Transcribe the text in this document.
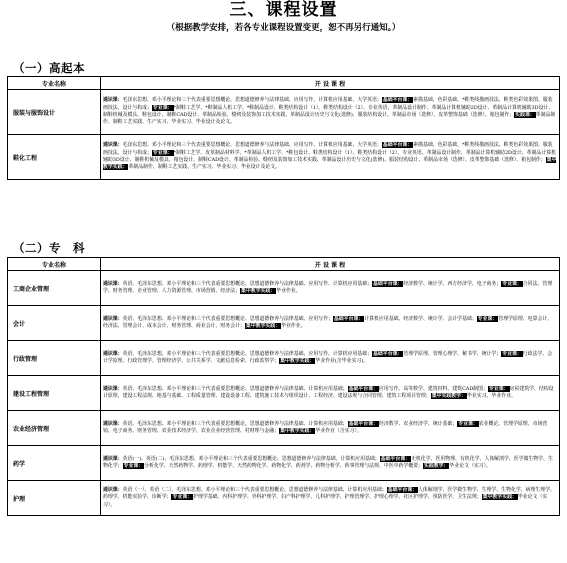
三、课程设置
（根据教学安排，若各专业课程设置变更，恕不再另行通知。）
（一）高起本
专业名称	开 设 课 程
服装与服饰设计	通识课：毛泽东思想、邓小平理论和三个代表重要思想概论、思想道德修养与法律基础、应用写作、计算机应用基础、大学英语；基础平台课：素描基础、色彩基础、*鞋类线描画技法、鞋类色彩效果图、服装画技法、设计与构成；专业课：*制鞋工艺学、*鞋制品人机工学、*鞋制品设计、鞋类结构设计（1）、鞋类结构设计（2）、专业英语、革制品设计制作、革制品计算机辅助2D设计、革制品计算机辅助3D设计、制鞋机械及模具、鞋包设计、制鞋CAD设计、革制品检验、缝纫及装饰加工技术实践、革制品设计历史与文化(选修)、服装结构设计、革制品市场（选修）、皮革整饰基础（选修）、箱包制作；实践课：革制品制作、制鞋工艺实践、生产实习、毕业实习、毕业设计及论文。
鞋化工程	通识课：毛泽东思想、邓小平理论和三个代表重要思想概论、思想道德修养与法律基础、应用写作、计算机应用基础、大学英语；基础平台课：素描基础、色彩基础、*鞋类线描画技法、鞋类色彩效果图、服装画技法、设计与构成；专业课：*制鞋工艺学、皮革制品材料学、*革制品人机工学、*鞋包设计、鞋类结构设计（1）、鞋类结构设计（2）、专业英语、革制品设计制作、革制品计算机辅助2D设计、革制品计算机辅助3D设计、制鞋机械及模具、箱包设计、制鞋CAD设计、革制品检验、缝纫及装饰加工技术实践、革制品设计历史与文化(选修)、服装结构设计、革制品市场（选修）、皮革整饰基础（选修）、箱包制作；集中教学实践：革制品制作、制鞋工艺实践、生产实习、毕业实习、毕业设计及论文。
（二）专　科
专业名称	开 设 课 程
工商企业管理	通识课：英语、毛泽东思想、邓小平理论和三个代表重要思想概论、思想道德修养与法律基础、应用写作、计算机应用基础；基础平台课：经济数学、统计学、西方经济学、电子商务；专业课：合同法、管理学、财务管理、企业管理、人力资源管理、市场营销、经济法；集中教学实践：毕业作业。
会计	通识课：英语、毛泽东思想、邓小平理论和三个代表重要思想概论、思想道德修养与法律基础、应用写作；基础平台课：计算机应用基础、经济数学、统计学、会计学基础；专业课：管理学原理、电算会计、经济法、管理会计、成本会计、财务管理、商业会计、财务会计；集中教学实践：毕业作业。
行政管理	通识课：英语、毛泽东思想、邓小平理论和三个代表重要思想概论、思想道德修养与法律基础、应用写作、计算机应用基础；基础平台课：管理学原理、管理心理学、秘书学、统计学；专业课：行政法学、会计学原理、行政管理学、管理经济学、公共关系学、文献信息检索、行政监察学；集中教学实践：毕业作业(含毕业实习)。
建设工程管理	通识课：英语、毛泽东思想、邓小平理论和三个代表重要思想概论、思想道德修养与法律基础、计算机应用基础；基础平台课：应用写作、高等数学、建筑材料、建筑CAD制图；专业课：房屋建筑学、结构设计原理、建设工程法规、地基与基础、工程质量管理、建设设备工程、建筑施工技术与组织设计、工程经济、建设法规与合同管理、建筑工程项目管理；集中实践教学：毕业实习、毕业作业。
农业经济管理	通识课：英语、毛泽东思想、邓小平理论和三个代表重要思想概论、思想道德修养与法律基础、计算机应用基础；基础平台课：经济数学、农业经济学、统计基础；专业课：农业概论、管理学原理、市场营销、电子商务、财务管理、农业技术经济学、农业企业经营管理、村财理与金融；集中教学实践：毕业作业（含实习）。
药学	通识课：英语(一)、英语(二)、毛泽东思想、邓小平理论和三个代表重要思想概论、思想道德修养与法律基础、计算机应用基础；基础平台课：无机化学、医用物理、有机化学、人体解剖学、医学微生物学、生物化学；专业课：分析化学、天然药物学、药理学、机能学、天然药物化学、药物化学、药剂学、药物分析学、药事管理与法规、中医中药学概要；实践教学：毕业论文（实习）。
护理	通识课：英语（一）、英语（二）、毛泽东思想、邓小平理论和三个代表重要思想概论、思想道德修养与法律基础、计算机应用基础；基础平台课：人体解剖学、医学微生物学、生理学、生物化学、病理生理学、药理学、机能实验学、诊断学；专业课：护理学基础、内科护理学、外科护理学、妇产科护理学、儿科护理学、护理管理学、护理心理学、社区护理学、预防医学、卫生法规；集中教学实践：毕业论文（实习）。
